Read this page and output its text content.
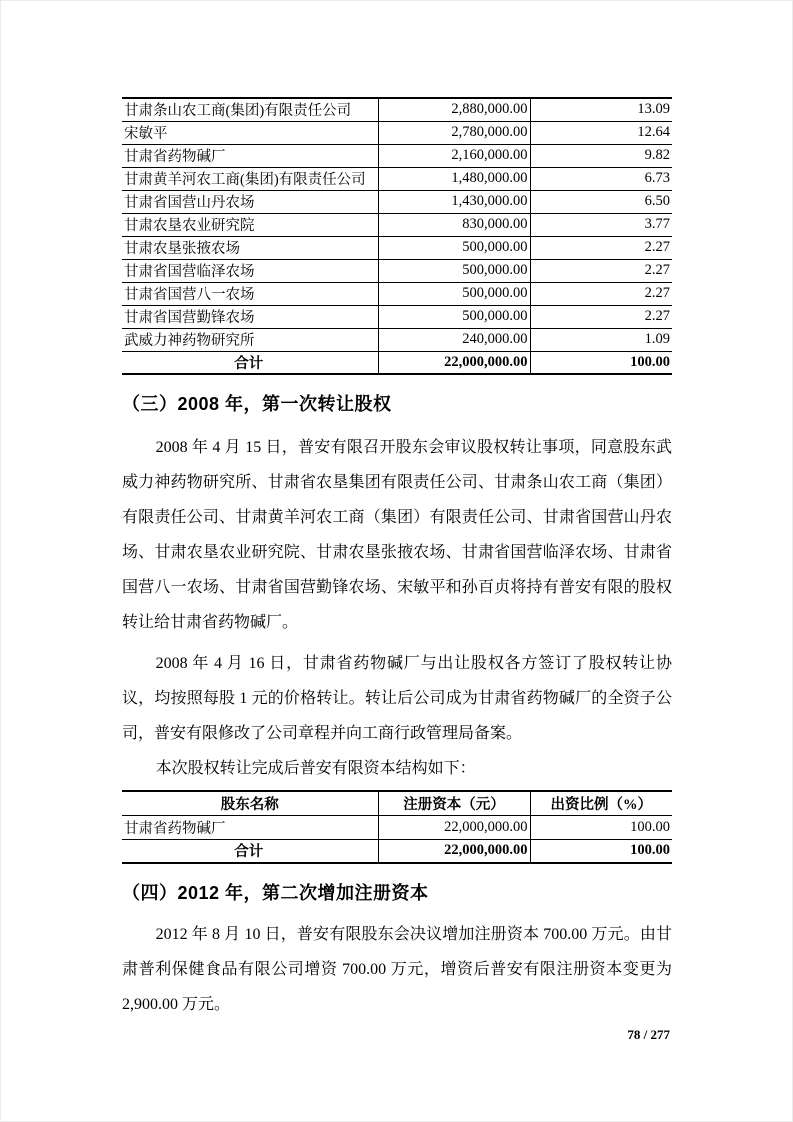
甘肃条山农工商(集团)有限责任公司	2,880,000.00	13.09
宋敏平	2,780,000.00	12.64
甘肃省药物碱厂	2,160,000.00	9.82
甘肃黄羊河农工商(集团)有限责任公司	1,480,000.00	6.73
甘肃省国营山丹农场	1,430,000.00	6.50
甘肃农垦农业研究院	830,000.00	3.77
甘肃农垦张掖农场	500,000.00	2.27
甘肃省国营临泽农场	500,000.00	2.27
甘肃省国营八一农场	500,000.00	2.27
甘肃省国营勤锋农场	500,000.00	2.27
武威力神药物研究所	240,000.00	1.09
合计	22,000,000.00	100.00
（三）2008 年，第一次转让股权

2008 年 4 月 15 日，普安有限召开股东会审议股权转让事项，同意股东武威力神药物研究所、甘肃省农垦集团有限责任公司、甘肃条山农工商（集团）有限责任公司、甘肃黄羊河农工商（集团）有限责任公司、甘肃省国营山丹农场、甘肃农垦农业研究院、甘肃农垦张掖农场、甘肃省国营临泽农场、甘肃省国营八一农场、甘肃省国营勤锋农场、宋敏平和孙百贞将持有普安有限的股权转让给甘肃省药物碱厂。

2008 年 4 月 16 日，甘肃省药物碱厂与出让股权各方签订了股权转让协议，均按照每股 1 元的价格转让。转让后公司成为甘肃省药物碱厂的全资子公司，普安有限修改了公司章程并向工商行政管理局备案。

本次股权转让完成后普安有限资本结构如下：

股东名称	注册资本（元）	出资比例（%）
甘肃省药物碱厂	22,000,000.00	100.00
合计	22,000,000.00	100.00
（四）2012 年，第二次增加注册资本

2012 年 8 月 10 日，普安有限股东会决议增加注册资本 700.00 万元。由甘肃普利保健食品有限公司增资 700.00 万元，增资后普安有限注册资本变更为 2,900.00 万元。

78 / 277
